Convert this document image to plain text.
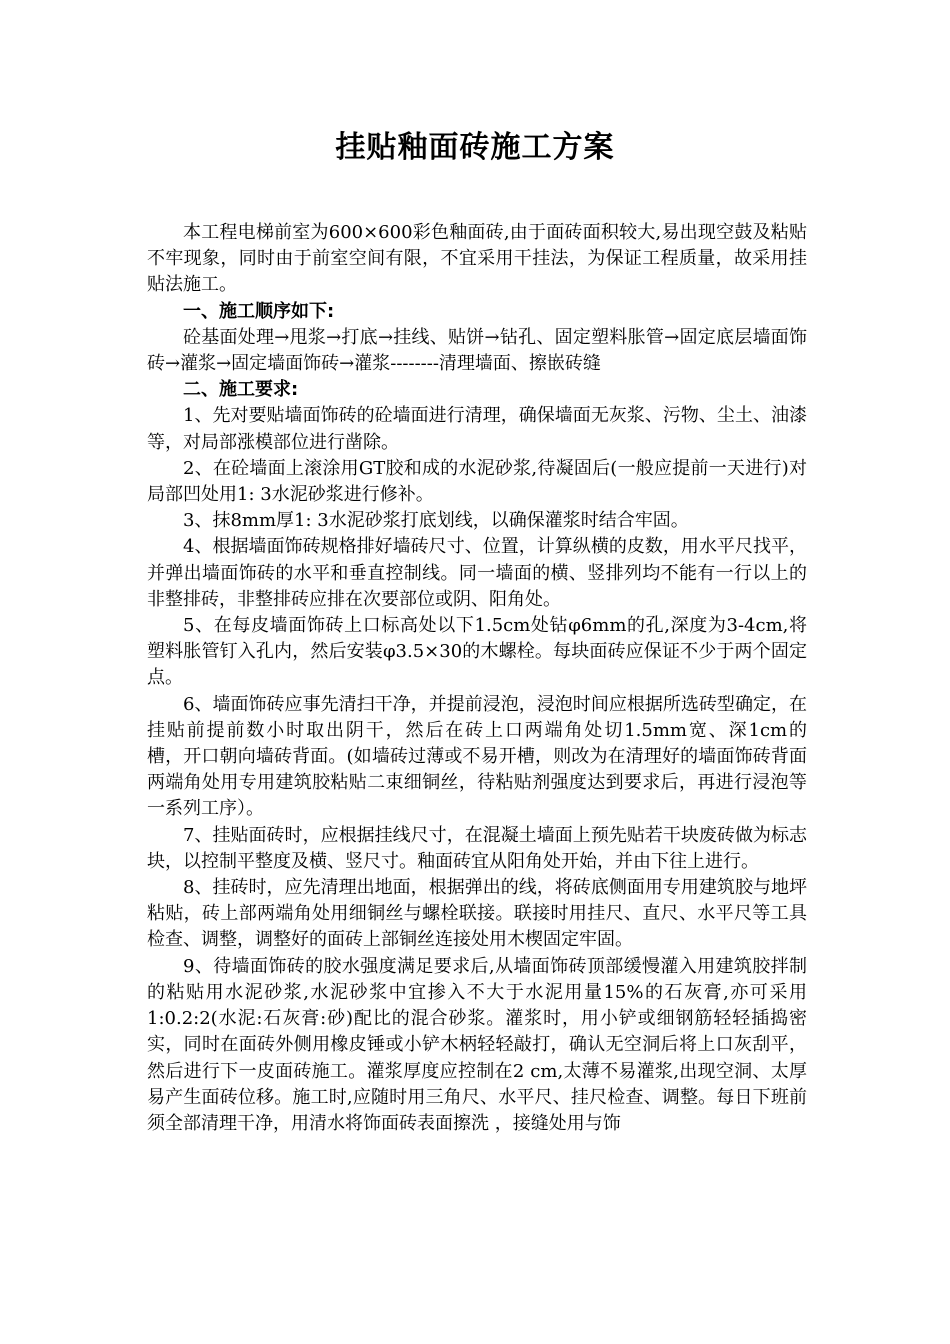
挂贴釉面砖施工方案

本工程电梯前室为600×600彩色釉面砖,由于面砖面积较大,易出现空鼓及粘贴不牢现象，同时由于前室空间有限，不宜采用干挂法，为保证工程质量，故采用挂贴法施工。

一、施工顺序如下:

砼基面处理→甩浆→打底→挂线、贴饼→钻孔、固定塑料胀管→固定底层墙面饰砖→灌浆→固定墙面饰砖→灌浆--------清理墙面、擦嵌砖缝

二、施工要求:

1、先对要贴墙面饰砖的砼墙面进行清理，确保墙面无灰浆、污物、尘土、油漆等，对局部涨模部位进行凿除。

2、在砼墙面上滚涂用GT胶和成的水泥砂浆,待凝固后(一般应提前一天进行)对局部凹处用1: 3水泥砂浆进行修补。

3、抹8mm厚1: 3水泥砂浆打底划线，以确保灌浆时结合牢固。

4、根据墙面饰砖规格排好墙砖尺寸、位置，计算纵横的皮数，用水平尺找平，并弹出墙面饰砖的水平和垂直控制线。同一墙面的横、竖排列均不能有一行以上的非整排砖，非整排砖应排在次要部位或阴、阳角处。

5、在每皮墙面饰砖上口标高处以下1.5cm处钻φ6mm的孔,深度为3-4cm,将塑料胀管钉入孔内，然后安装φ3.5×30的木螺栓。每块面砖应保证不少于两个固定点。

6、墙面饰砖应事先清扫干净，并提前浸泡，浸泡时间应根据所选砖型确定，在挂贴前提前数小时取出阴干，然后在砖上口两端角处切1.5mm宽、深1cm的　 槽，开口朝向墙砖背面。(如墙砖过薄或不易开槽，则改为在清理好的墙面饰砖背面两端角处用专用建筑胶粘贴二束细铜丝，待粘贴剂强度达到要求后，再进行浸泡等一系列工序）。

7、挂贴面砖时，应根据挂线尺寸，在混凝土墙面上预先贴若干块废砖做为标志块，以控制平整度及横、竖尺寸。釉面砖宜从阳角处开始，并由下往上进行。

8、挂砖时，应先清理出地面，根据弹出的线，将砖底侧面用专用建筑胶与地坪粘贴，砖上部两端角处用细铜丝与螺栓联接。联接时用挂尺、直尺、水平尺等工具检查、调整，调整好的面砖上部铜丝连接处用木楔固定牢固。

9、待墙面饰砖的胶水强度满足要求后,从墙面饰砖顶部缓慢灌入用建筑胶拌制的粘贴用水泥砂浆,水泥砂浆中宜掺入不大于水泥用量15%的石灰膏,亦可采用1:0.2:2(水泥:石灰膏:砂)配比的混合砂浆。灌浆时，用小铲或细钢筋轻轻插捣密实，同时在面砖外侧用橡皮锤或小铲木柄轻轻敲打，确认无空洞后将上口灰刮平，然后进行下一皮面砖施工。灌浆厚度应控制在2 cm,太薄不易灌浆,出现空洞、太厚易产生面砖位移。施工时,应随时用三角尺、水平尺、挂尺检查、调整。每日下班前须全部清理干净，用清水将饰面砖表面擦洗 ，接缝处用与饰
